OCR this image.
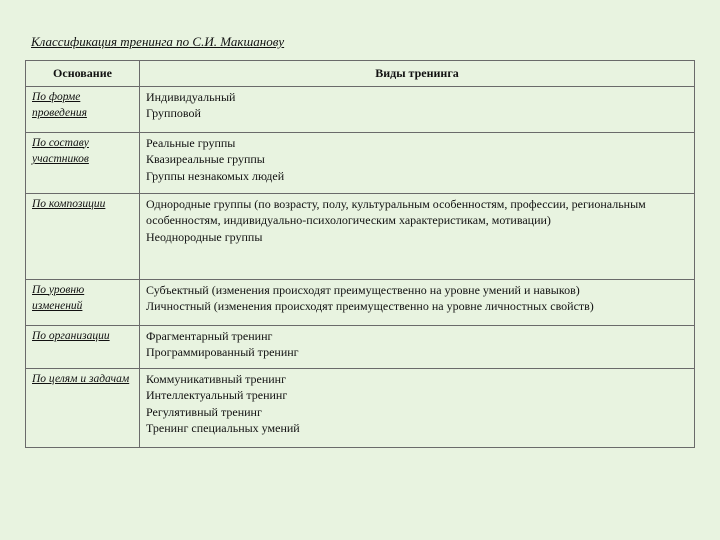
Классификация тренинга по С.И. Макшанову
Основание	Виды тренинга
По форме проведения	Индивидуальный
Групповой

По составу участников	Реальные группы
Квазиреальные группы
Группы незнакомых людей

По композиции	Однородные группы (по возрасту, полу, культуральным особенностям, профессии, региональным особенностям, индивидуально-психологическим характеристикам, мотивации)
Неоднородные группы

По уровню изменений	Субъектный (изменения происходят преимущественно на уровне умений и навыков)
Личностный (изменения происходят преимущественно на уровне личностных свойств)

По организации	Фрагментарный тренинг
Программированный тренинг

По целям и задачам	Коммуникативный тренинг
Интеллектуальный тренинг
Регулятивный тренинг
Тренинг специальных умений
